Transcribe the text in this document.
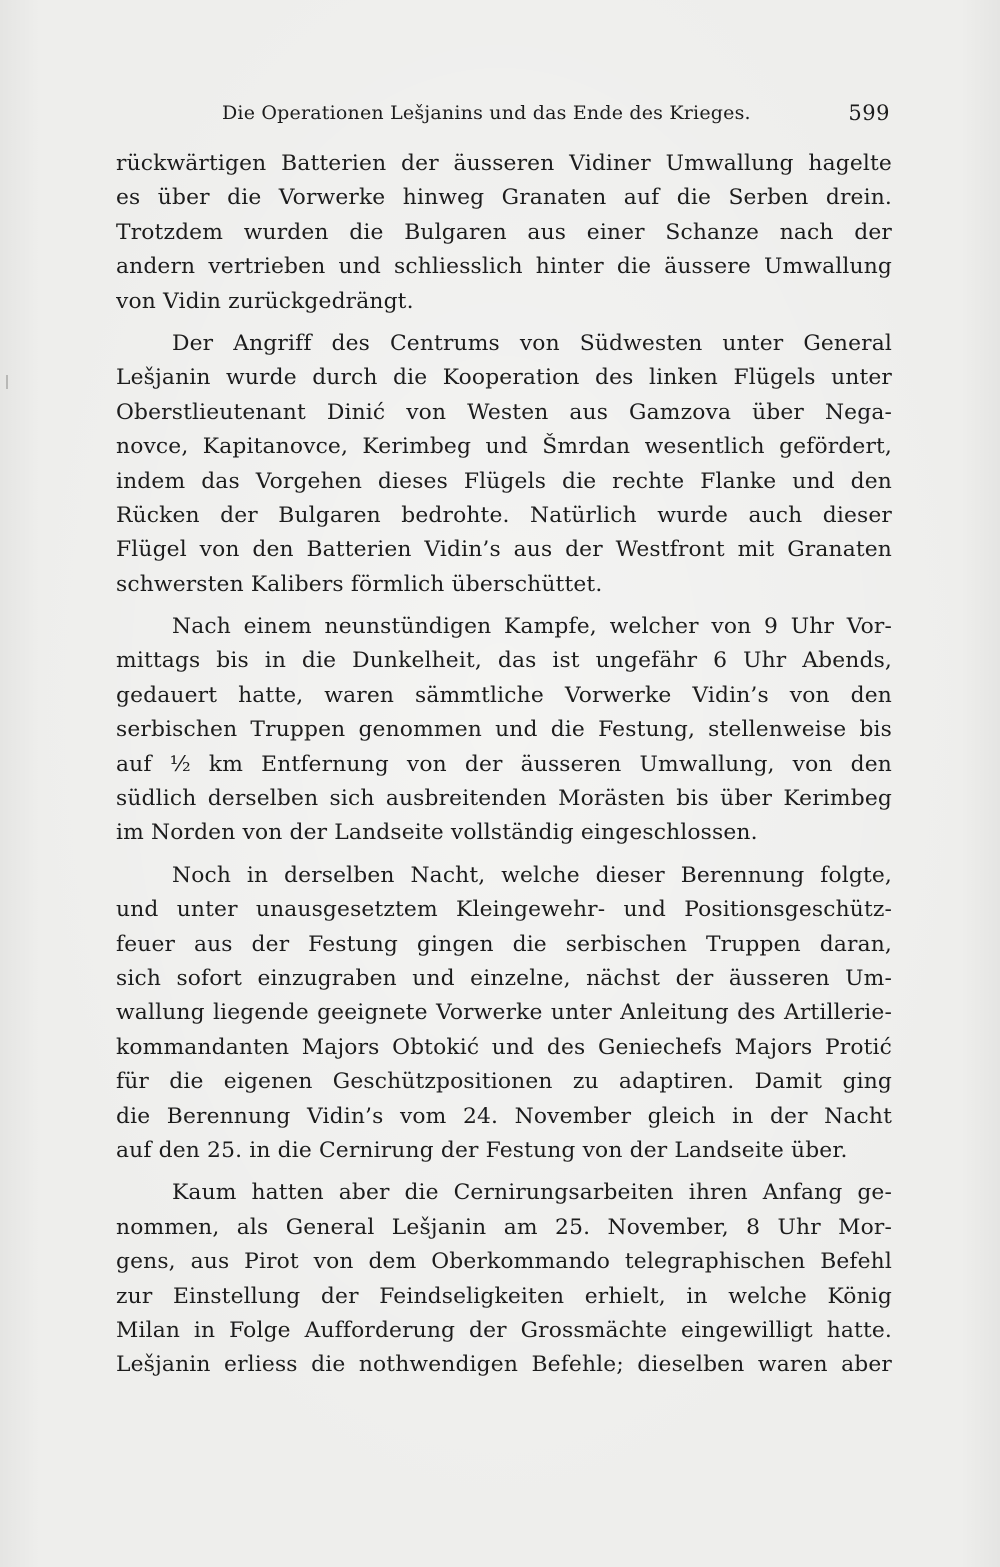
Die Operationen Lešjanins und das Ende des Krieges.	599
rückwärtigen Batterien der äusseren Vidiner Umwallung hagelte
es über die Vorwerke hinweg Granaten auf die Serben drein.
Trotzdem wurden die Bulgaren aus einer Schanze nach der
andern vertrieben und schliesslich hinter die äussere Umwallung
von Vidin zurückgedrängt.
Der Angriff des Centrums von Südwesten unter General
Lešjanin wurde durch die Kooperation des linken Flügels unter
Oberstlieutenant Dinić von Westen aus Gamzova über Nega-
novce, Kapitanovce, Kerimbeg und Šmrdan wesentlich gefördert,
indem das Vorgehen dieses Flügels die rechte Flanke und den
Rücken der Bulgaren bedrohte. Natürlich wurde auch dieser
Flügel von den Batterien Vidin’s aus der Westfront mit Granaten
schwersten Kalibers förmlich überschüttet.
Nach einem neunstündigen Kampfe, welcher von 9 Uhr Vor-
mittags bis in die Dunkelheit, das ist ungefähr 6 Uhr Abends,
gedauert hatte, waren sämmtliche Vorwerke Vidin’s von den
serbischen Truppen genommen und die Festung, stellenweise bis
auf ½ km Entfernung von der äusseren Umwallung, von den
südlich derselben sich ausbreitenden Morästen bis über Kerimbeg
im Norden von der Landseite vollständig eingeschlossen.
Noch in derselben Nacht, welche dieser Berennung folgte,
und unter unausgesetztem Kleingewehr- und Positionsgeschütz-
feuer aus der Festung gingen die serbischen Truppen daran,
sich sofort einzugraben und einzelne, nächst der äusseren Um-
wallung liegende geeignete Vorwerke unter Anleitung des Artillerie-
kommandanten Majors Obtokić und des Geniechefs Majors Protić
für die eigenen Geschützpositionen zu adaptiren. Damit ging
die Berennung Vidin’s vom 24. November gleich in der Nacht
auf den 25. in die Cernirung der Festung von der Landseite über.
Kaum hatten aber die Cernirungsarbeiten ihren Anfang ge-
nommen, als General Lešjanin am 25. November, 8 Uhr Mor-
gens, aus Pirot von dem Oberkommando telegraphischen Befehl
zur Einstellung der Feindseligkeiten erhielt, in welche König
Milan in Folge Aufforderung der Grossmächte eingewilligt hatte.
Lešjanin erliess die nothwendigen Befehle; dieselben waren aber
